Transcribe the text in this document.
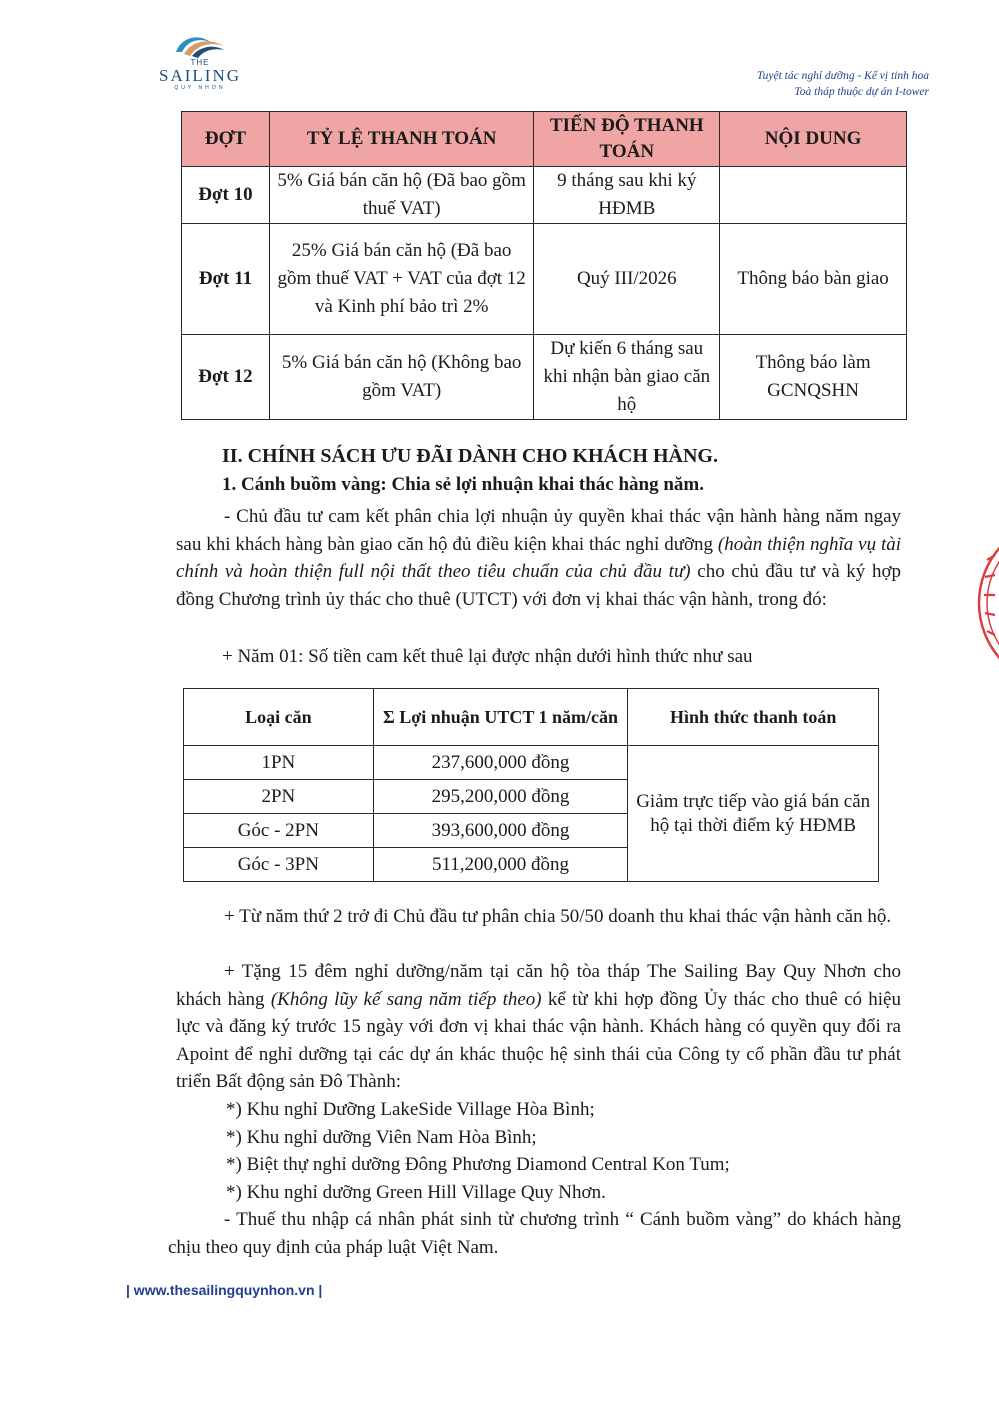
THE
SAILING
QUY NHƠN
Tuyệt tác nghỉ dưỡng - Kế vị tinh hoa
Toà tháp thuộc dự án I-tower
ĐỢT	TỶ LỆ THANH TOÁN	TIẾN ĐỘ THANH TOÁN	NỘI DUNG
Đợt 10	5% Giá bán căn hộ (Đã bao gồm thuế VAT)	9 tháng sau khi ký HĐMB	
Đợt 11	25% Giá bán căn hộ (Đã bao gồm thuế VAT + VAT của đợt 12 và Kinh phí bảo trì 2%	Quý III/2026	Thông báo bàn giao
Đợt 12	5% Giá bán căn hộ (Không bao gồm VAT)	Dự kiến 6 tháng sau khi nhận bàn giao căn hộ	Thông báo làm GCNQSHN
II. CHÍNH SÁCH ƯU ĐÃI DÀNH CHO KHÁCH HÀNG.
1. Cánh buồm vàng: Chia sẻ lợi nhuận khai thác hàng năm.
- Chủ đầu tư cam kết phân chia lợi nhuận ủy quyền khai thác vận hành hàng năm ngay sau khi khách hàng bàn giao căn hộ đủ điều kiện khai thác nghỉ dưỡng (hoàn thiện nghĩa vụ tài chính và hoàn thiện full nội thất theo tiêu chuẩn của chủ đầu tư) cho chủ đầu tư và ký hợp đồng Chương trình ủy thác cho thuê (UTCT) với đơn vị khai thác vận hành, trong đó:
+ Năm 01: Số tiền cam kết thuê lại được nhận dưới hình thức như sau
Loại căn	Σ Lợi nhuận UTCT 1 năm/căn	Hình thức thanh toán
1PN	237,600,000 đồng	Giảm trực tiếp vào giá bán căn hộ tại thời điểm ký HĐMB
2PN	295,200,000 đồng	
Góc - 2PN	393,600,000 đồng	
Góc - 3PN	511,200,000 đồng	
+ Từ năm thứ 2 trở đi Chủ đầu tư phân chia 50/50 doanh thu khai thác vận hành căn hộ.
+ Tặng 15 đêm nghỉ dưỡng/năm tại căn hộ tòa tháp The Sailing Bay Quy Nhơn cho khách hàng (Không lũy kế sang năm tiếp theo) kể từ khi hợp đồng Ủy thác cho thuê có hiệu lực và đăng ký trước 15 ngày với đơn vị khai thác vận hành. Khách hàng có quyền quy đổi ra Apoint để nghỉ dưỡng tại các dự án khác thuộc hệ sinh thái của Công ty cổ phần đầu tư phát triển Bất động sản Đô Thành:
*) Khu nghỉ Dưỡng LakeSide Village Hòa Bình;
*) Khu nghỉ dưỡng Viên Nam Hòa Bình;
*) Biệt thự nghỉ dưỡng Đông Phương Diamond Central Kon Tum;
*) Khu nghỉ dưỡng Green Hill Village Quy Nhơn.
- Thuế thu nhập cá nhân phát sinh từ chương trình “ Cánh buồm vàng” do khách hàng chịu theo quy định của pháp luật Việt Nam.
| www.thesailingquynhon.vn |
